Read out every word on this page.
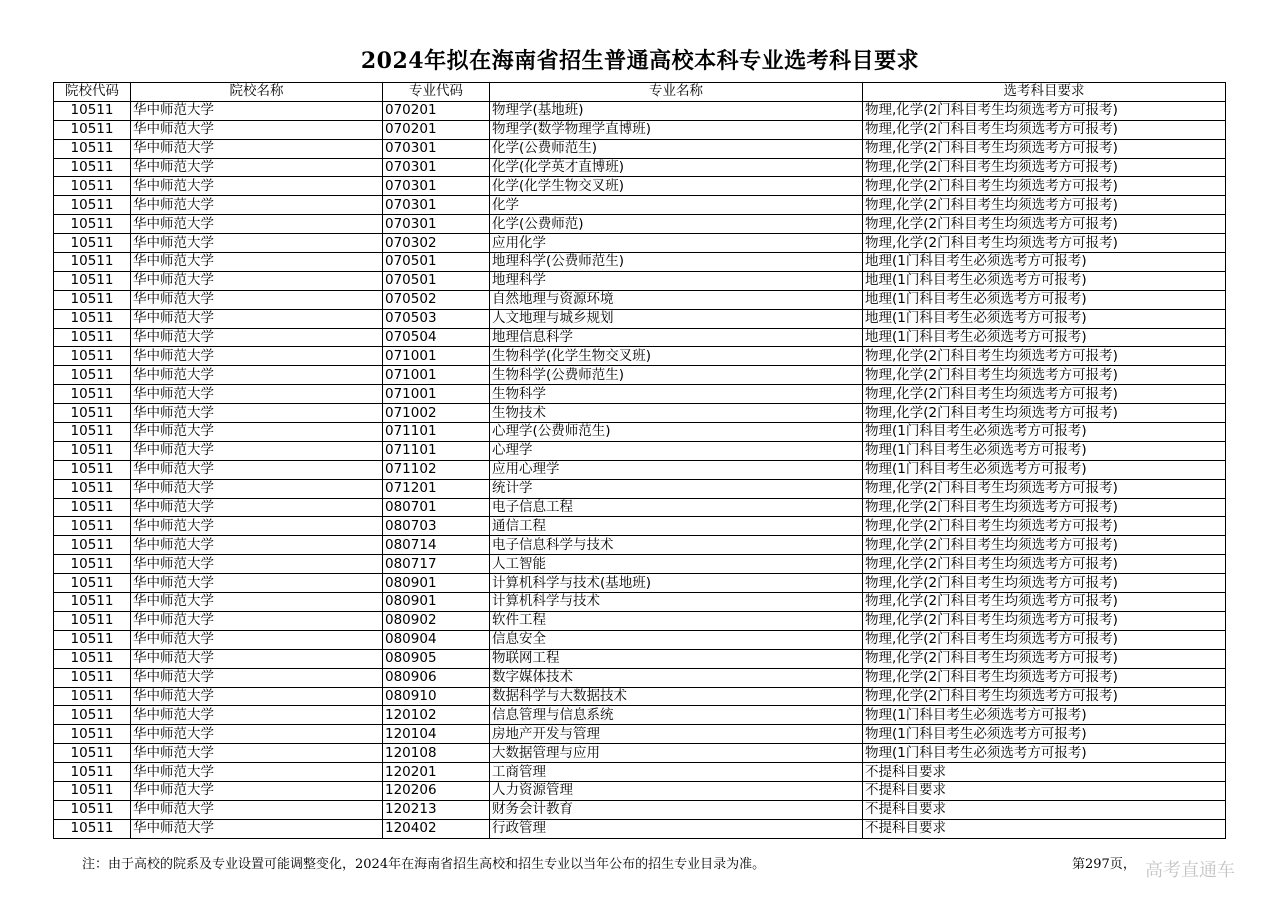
2024年拟在海南省招生普通高校本科专业选考科目要求
院校代码	院校名称	专业代码	专业名称	选考科目要求
10511	华中师范大学	070201	物理学(基地班)	物理,化学(2门科目考生均须选考方可报考)
10511	华中师范大学	070201	物理学(数学物理学直博班)	物理,化学(2门科目考生均须选考方可报考)
10511	华中师范大学	070301	化学(公费师范生)	物理,化学(2门科目考生均须选考方可报考)
10511	华中师范大学	070301	化学(化学英才直博班)	物理,化学(2门科目考生均须选考方可报考)
10511	华中师范大学	070301	化学(化学生物交叉班)	物理,化学(2门科目考生均须选考方可报考)
10511	华中师范大学	070301	化学	物理,化学(2门科目考生均须选考方可报考)
10511	华中师范大学	070301	化学(公费师范)	物理,化学(2门科目考生均须选考方可报考)
10511	华中师范大学	070302	应用化学	物理,化学(2门科目考生均须选考方可报考)
10511	华中师范大学	070501	地理科学(公费师范生)	地理(1门科目考生必须选考方可报考)
10511	华中师范大学	070501	地理科学	地理(1门科目考生必须选考方可报考)
10511	华中师范大学	070502	自然地理与资源环境	地理(1门科目考生必须选考方可报考)
10511	华中师范大学	070503	人文地理与城乡规划	地理(1门科目考生必须选考方可报考)
10511	华中师范大学	070504	地理信息科学	地理(1门科目考生必须选考方可报考)
10511	华中师范大学	071001	生物科学(化学生物交叉班)	物理,化学(2门科目考生均须选考方可报考)
10511	华中师范大学	071001	生物科学(公费师范生)	物理,化学(2门科目考生均须选考方可报考)
10511	华中师范大学	071001	生物科学	物理,化学(2门科目考生均须选考方可报考)
10511	华中师范大学	071002	生物技术	物理,化学(2门科目考生均须选考方可报考)
10511	华中师范大学	071101	心理学(公费师范生)	物理(1门科目考生必须选考方可报考)
10511	华中师范大学	071101	心理学	物理(1门科目考生必须选考方可报考)
10511	华中师范大学	071102	应用心理学	物理(1门科目考生必须选考方可报考)
10511	华中师范大学	071201	统计学	物理,化学(2门科目考生均须选考方可报考)
10511	华中师范大学	080701	电子信息工程	物理,化学(2门科目考生均须选考方可报考)
10511	华中师范大学	080703	通信工程	物理,化学(2门科目考生均须选考方可报考)
10511	华中师范大学	080714	电子信息科学与技术	物理,化学(2门科目考生均须选考方可报考)
10511	华中师范大学	080717	人工智能	物理,化学(2门科目考生均须选考方可报考)
10511	华中师范大学	080901	计算机科学与技术(基地班)	物理,化学(2门科目考生均须选考方可报考)
10511	华中师范大学	080901	计算机科学与技术	物理,化学(2门科目考生均须选考方可报考)
10511	华中师范大学	080902	软件工程	物理,化学(2门科目考生均须选考方可报考)
10511	华中师范大学	080904	信息安全	物理,化学(2门科目考生均须选考方可报考)
10511	华中师范大学	080905	物联网工程	物理,化学(2门科目考生均须选考方可报考)
10511	华中师范大学	080906	数字媒体技术	物理,化学(2门科目考生均须选考方可报考)
10511	华中师范大学	080910	数据科学与大数据技术	物理,化学(2门科目考生均须选考方可报考)
10511	华中师范大学	120102	信息管理与信息系统	物理(1门科目考生必须选考方可报考)
10511	华中师范大学	120104	房地产开发与管理	物理(1门科目考生必须选考方可报考)
10511	华中师范大学	120108	大数据管理与应用	物理(1门科目考生必须选考方可报考)
10511	华中师范大学	120201	工商管理	不提科目要求
10511	华中师范大学	120206	人力资源管理	不提科目要求
10511	华中师范大学	120213	财务会计教育	不提科目要求
10511	华中师范大学	120402	行政管理	不提科目要求
注：由于高校的院系及专业设置可能调整变化，2024年在海南省招生高校和招生专业以当年公布的招生专业目录为准。	第297页， 高考直通车
